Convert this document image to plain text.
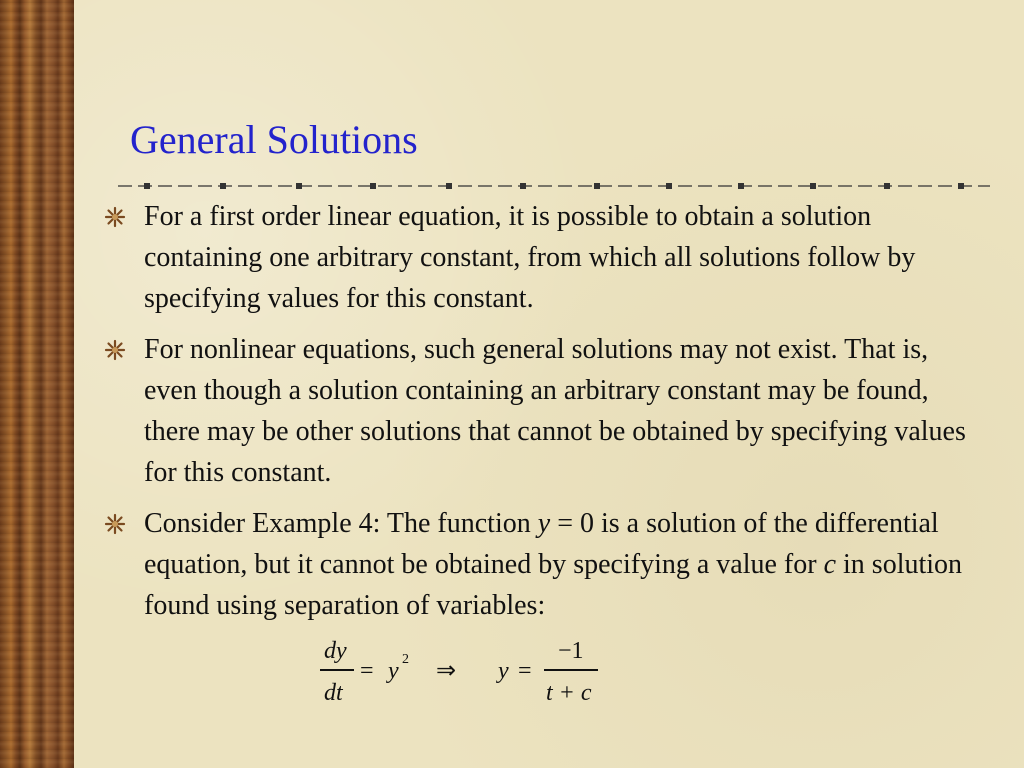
General Solutions

For a first order linear equation, it is possible to obtain a solution containing one arbitrary constant, from which all solutions follow by specifying values for this constant.

For nonlinear equations, such general solutions may not exist. That is, even though a solution containing an arbitrary constant may be found, there may be other solutions that cannot be obtained by specifying values for this constant.

Consider Example 4: The function y = 0 is a solution of the differential equation, but it cannot be obtained by specifying a value for c in solution found using separation of variables:

dy
dt
= y 2 ⇒ y =
−1
t + c
